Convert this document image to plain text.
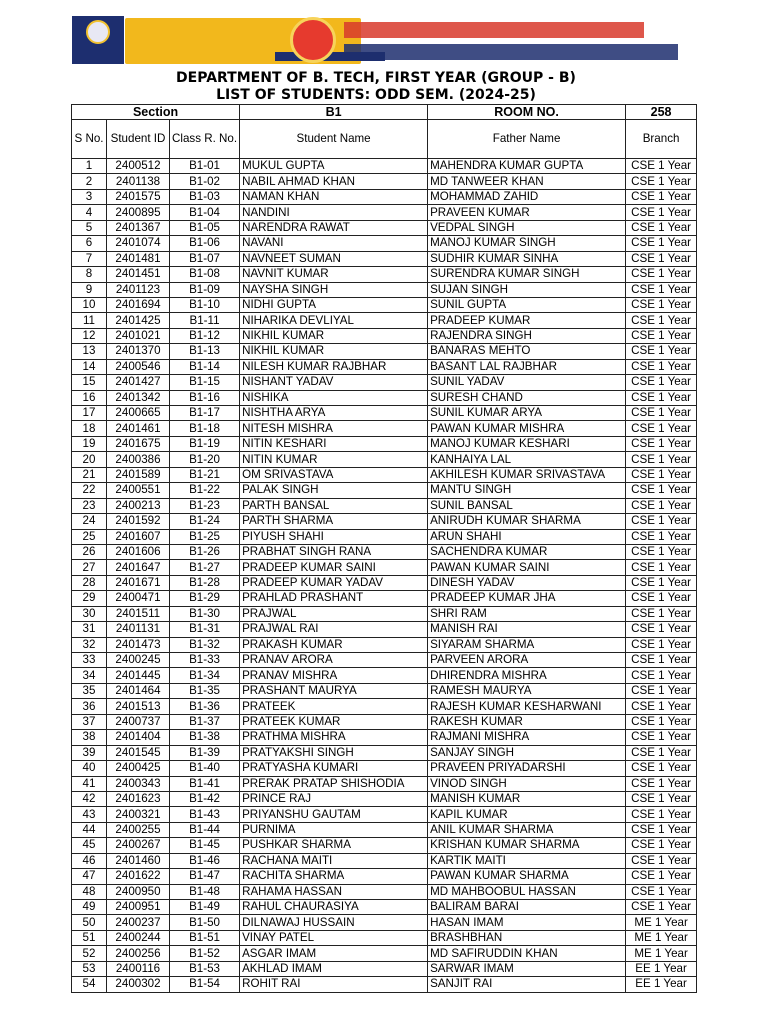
DEPARTMENT OF B. TECH, FIRST YEAR (GROUP - B)
LIST OF STUDENTS: ODD SEM. (2024-25)
Section			B1	ROOM NO.	258
S No.	Student ID	Class R. No.	Student Name	Father Name	Branch
1	2400512	B1-01	MUKUL GUPTA	MAHENDRA KUMAR GUPTA	CSE 1 Year
2	2401138	B1-02	NABIL AHMAD KHAN	MD TANWEER KHAN	CSE 1 Year
3	2401575	B1-03	NAMAN KHAN	MOHAMMAD ZAHID	CSE 1 Year
4	2400895	B1-04	NANDINI	PRAVEEN KUMAR	CSE 1 Year
5	2401367	B1-05	NARENDRA RAWAT	VEDPAL SINGH	CSE 1 Year
6	2401074	B1-06	NAVANI	MANOJ KUMAR SINGH	CSE 1 Year
7	2401481	B1-07	NAVNEET SUMAN	SUDHIR KUMAR SINHA	CSE 1 Year
8	2401451	B1-08	NAVNIT KUMAR	SURENDRA KUMAR SINGH	CSE 1 Year
9	2401123	B1-09	NAYSHA SINGH	SUJAN SINGH	CSE 1 Year
10	2401694	B1-10	NIDHI GUPTA	SUNIL GUPTA	CSE 1 Year
11	2401425	B1-11	NIHARIKA DEVLIYAL	PRADEEP KUMAR	CSE 1 Year
12	2401021	B1-12	NIKHIL KUMAR	RAJENDRA SINGH	CSE 1 Year
13	2401370	B1-13	NIKHIL KUMAR	BANARAS MEHTO	CSE 1 Year
14	2400546	B1-14	NILESH KUMAR RAJBHAR	BASANT LAL RAJBHAR	CSE 1 Year
15	2401427	B1-15	NISHANT YADAV	SUNIL YADAV	CSE 1 Year
16	2401342	B1-16	NISHIKA	SURESH CHAND	CSE 1 Year
17	2400665	B1-17	NISHTHA ARYA	SUNIL KUMAR ARYA	CSE 1 Year
18	2401461	B1-18	NITESH MISHRA	PAWAN KUMAR MISHRA	CSE 1 Year
19	2401675	B1-19	NITIN KESHARI	MANOJ KUMAR KESHARI	CSE 1 Year
20	2400386	B1-20	NITIN KUMAR	KANHAIYA LAL	CSE 1 Year
21	2401589	B1-21	OM SRIVASTAVA	AKHILESH KUMAR SRIVASTAVA	CSE 1 Year
22	2400551	B1-22	PALAK SINGH	MANTU SINGH	CSE 1 Year
23	2400213	B1-23	PARTH BANSAL	SUNIL BANSAL	CSE 1 Year
24	2401592	B1-24	PARTH SHARMA	ANIRUDH KUMAR SHARMA	CSE 1 Year
25	2401607	B1-25	PIYUSH SHAHI	ARUN SHAHI	CSE 1 Year
26	2401606	B1-26	PRABHAT SINGH RANA	SACHENDRA KUMAR	CSE 1 Year
27	2401647	B1-27	PRADEEP KUMAR SAINI	PAWAN KUMAR SAINI	CSE 1 Year
28	2401671	B1-28	PRADEEP KUMAR YADAV	DINESH YADAV	CSE 1 Year
29	2400471	B1-29	PRAHLAD PRASHANT	PRADEEP KUMAR JHA	CSE 1 Year
30	2401511	B1-30	PRAJWAL	SHRI RAM	CSE 1 Year
31	2401131	B1-31	PRAJWAL RAI	MANISH RAI	CSE 1 Year
32	2401473	B1-32	PRAKASH KUMAR	SIYARAM SHARMA	CSE 1 Year
33	2400245	B1-33	PRANAV ARORA	PARVEEN ARORA	CSE 1 Year
34	2401445	B1-34	PRANAV MISHRA	DHIRENDRA MISHRA	CSE 1 Year
35	2401464	B1-35	PRASHANT MAURYA	RAMESH MAURYA	CSE 1 Year
36	2401513	B1-36	PRATEEK	RAJESH KUMAR KESHARWANI	CSE 1 Year
37	2400737	B1-37	PRATEEK KUMAR	RAKESH KUMAR	CSE 1 Year
38	2401404	B1-38	PRATHMA MISHRA	RAJMANI MISHRA	CSE 1 Year
39	2401545	B1-39	PRATYAKSHI SINGH	SANJAY SINGH	CSE 1 Year
40	2400425	B1-40	PRATYASHA KUMARI	PRAVEEN PRIYADARSHI	CSE 1 Year
41	2400343	B1-41	PRERAK PRATAP SHISHODIA	VINOD SINGH	CSE 1 Year
42	2401623	B1-42	PRINCE RAJ	MANISH KUMAR	CSE 1 Year
43	2400321	B1-43	PRIYANSHU GAUTAM	KAPIL KUMAR	CSE 1 Year
44	2400255	B1-44	PURNIMA	ANIL KUMAR SHARMA	CSE 1 Year
45	2400267	B1-45	PUSHKAR SHARMA	KRISHAN KUMAR SHARMA	CSE 1 Year
46	2401460	B1-46	RACHANA MAITI	KARTIK MAITI	CSE 1 Year
47	2401622	B1-47	RACHITA SHARMA	PAWAN KUMAR SHARMA	CSE 1 Year
48	2400950	B1-48	RAHAMA HASSAN	MD MAHBOOBUL HASSAN	CSE 1 Year
49	2400951	B1-49	RAHUL CHAURASIYA	BALIRAM BARAI	CSE 1 Year
50	2400237	B1-50	DILNAWAJ HUSSAIN	HASAN IMAM	ME 1 Year
51	2400244	B1-51	VINAY PATEL	BRASHBHAN	ME 1 Year
52	2400256	B1-52	ASGAR IMAM	MD SAFIRUDDIN KHAN	ME 1 Year
53	2400116	B1-53	AKHLAD IMAM	SARWAR IMAM	EE 1 Year
54	2400302	B1-54	ROHIT RAI	SANJIT RAI	EE 1 Year
